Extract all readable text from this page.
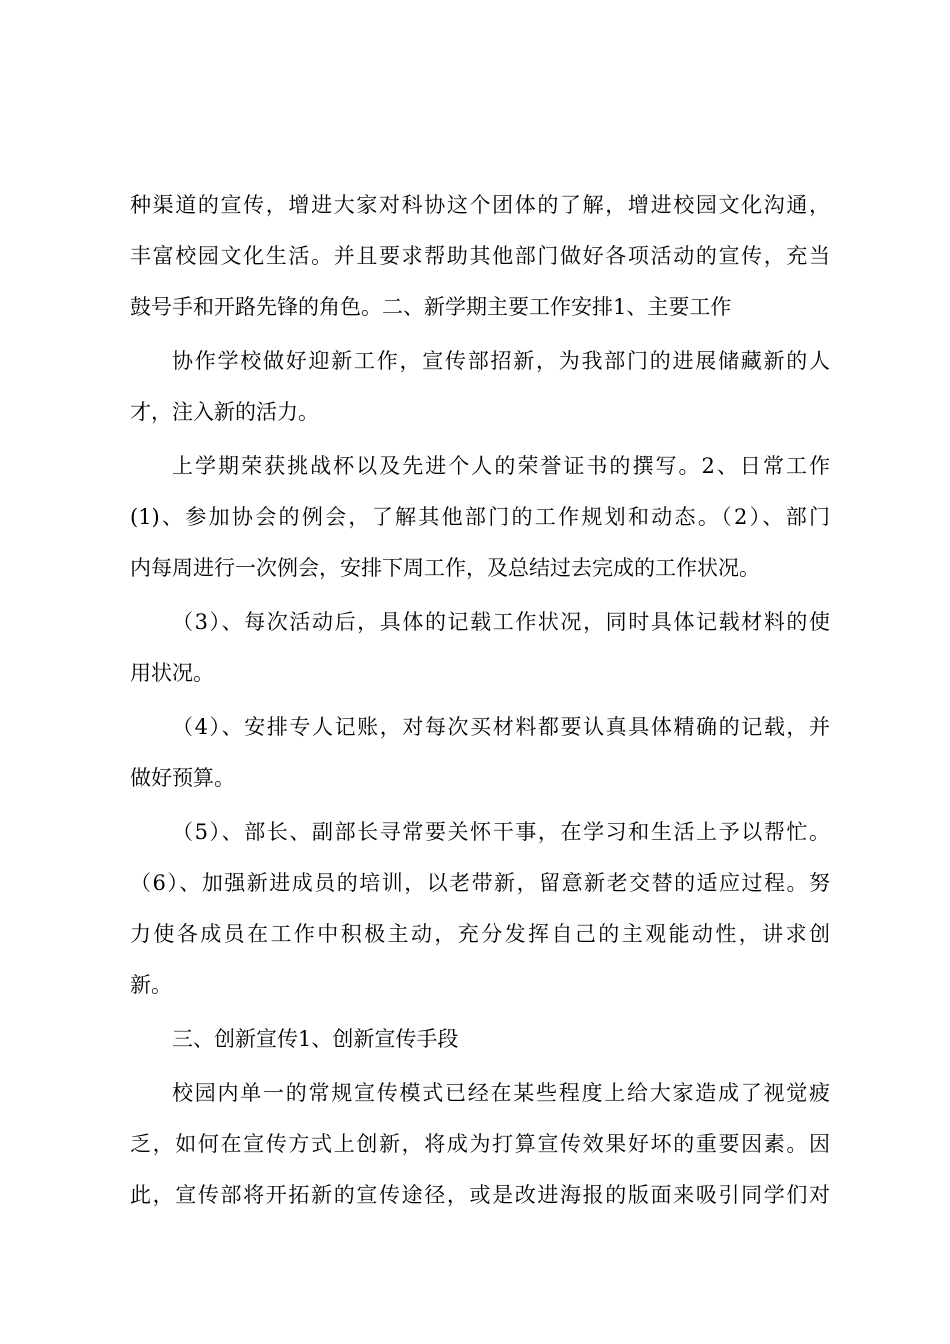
种渠道的宣传，增进大家对科协这个团体的了解，增进校园文化沟通，
丰富校园文化生活。并且要求帮助其他部门做好各项活动的宣传，充当
鼓号手和开路先锋的角色。二、新学期主要工作安排1、主要工作
协作学校做好迎新工作，宣传部招新，为我部门的进展储藏新的人
才，注入新的活力。
上学期荣获挑战杯以及先进个人的荣誉证书的撰写。2、日常工作
(1)、参加协会的例会，了解其他部门的工作规划和动态。（2）、部门
内每周进行一次例会，安排下周工作，及总结过去完成的工作状况。
（3）、每次活动后，具体的记载工作状况，同时具体记载材料的使
用状况。
（4）、安排专人记账，对每次买材料都要认真具体精确的记载，并
做好预算。
（5）、部长、副部长寻常要关怀干事，在学习和生活上予以帮忙。
（6）、加强新进成员的培训，以老带新，留意新老交替的适应过程。努
力使各成员在工作中积极主动，充分发挥自己的主观能动性，讲求创
新。
三、创新宣传1、创新宣传手段
校园内单一的常规宣传模式已经在某些程度上给大家造成了视觉疲
乏，如何在宣传方式上创新，将成为打算宣传效果好坏的重要因素。因
此，宣传部将开拓新的宣传途径，或是改进海报的版面来吸引同学们对
